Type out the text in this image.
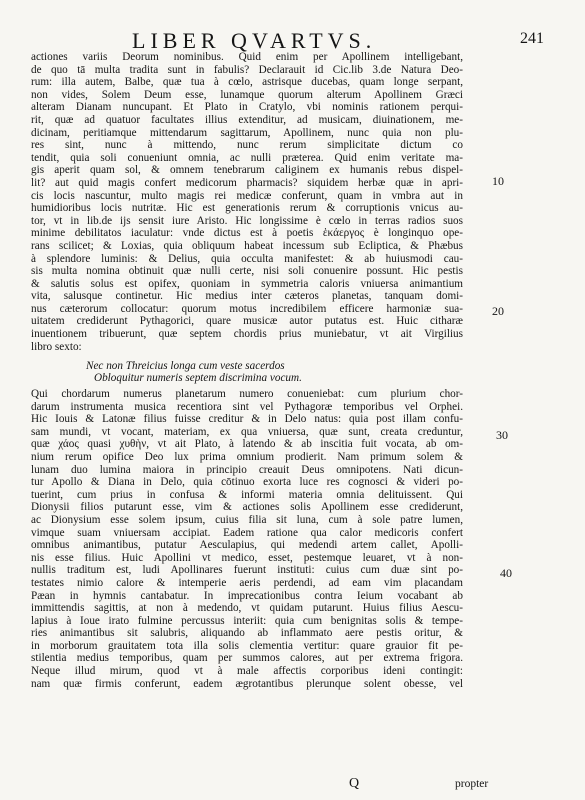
LIBER QVARTVS.	241
actiones variis Deorum nominibus. Quid enim per Apollinem intelligebant,
de quo tā multa tradita sunt in fabulis? Declarauit id Cic.lib 3.de Natura Deo-
rum: illa autem, Balbe, quæ tua à cœlo, astrisque ducebas, quam longe serpant,
non vides, Solem Deum esse, lunamque quorum alterum Apollinem Græci
alteram Dianam nuncupant. Et Plato in Cratylo, vbi nominis rationem perqui-
rit, quæ ad quatuor facultates illius extenditur, ad musicam, diuinationem, me-
dicinam, peritiamque mittendarum sagittarum, Apollinem, nunc quia non plu-
res sint, nunc à mittendo, nunc rerum simplicitate dictum co
tendit, quia soli conueniunt omnia, ac nulli præterea. Quid enim veritate ma-
gis aperit quam sol, & omnem tenebrarum caliginem ex humanis rebus dispel-
lit? aut quid magis confert medicorum pharmacis? siquidem herbæ quæ in apri-
cis locis nascuntur, multo magis rei medicæ conferunt, quam in vmbra aut in
humidioribus locis nutritæ. Hic est generationis rerum & corruptionis vnicus au-
tor, vt in lib.de ijs sensit iure Aristo. Hic longissime è cœlo in terras radios suos
minime debilitatos iaculatur: vnde dictus est à poetis ἑκάεργος è longinquo ope-
rans scilicet; & Loxias, quia obliquum habeat incessum sub Ecliptica, & Phæbus
à splendore luminis: & Delius, quia occulta manifestet: & ab huiusmodi cau-
sis multa nomina obtinuit quæ nulli certe, nisi soli conuenire possunt. Hic pestis
& salutis solus est opifex, quoniam in symmetria caloris vniuersa animantium
vita, salusque continetur. Hic medius inter cæteros planetas, tanquam domi-
nus cæterorum collocatur: quorum motus incredibilem efficere harmoniæ sua-
uitatem crediderunt Pythagorici, quare musicæ autor putatus est. Huic citharæ
inuentionem tribuerunt, quæ septem chordis prius muniebatur, vt ait Virgilius
libro sexto:
Nec non Threicius longa cum veste sacerdos
Obloquitur numeris septem discrimina vocum.
Qui chordarum numerus planetarum numero conueniebat: cum plurium chor-
darum instrumenta musica recentiora sint vel Pythagoræ temporibus vel Orphei.
Hic Iouis & Latonæ filius fuisse creditur & in Delo natus: quia post illam confu-
sam mundi, vt vocant, materiam, ex qua vniuersa, quæ sunt, creata creduntur,
quæ χάος quasi χυθὴν, vt ait Plato, à latendo & ab inscitia fuit vocata, ab om-
nium rerum opifice Deo lux prima omnium prodierit. Nam primum solem &
lunam duo lumina maiora in principio creauit Deus omnipotens. Nati dicun-
tur Apollo & Diana in Delo, quia cōtinuo exorta luce res cognosci & videri po-
tuerint, cum prius in confusa & informi materia omnia delituissent. Qui
Dionysii filios putarunt esse, vim & actiones solis Apollinem esse crediderunt,
ac Dionysium esse solem ipsum, cuius filia sit luna, cum à sole patre lumen,
vimque suam vniuersam accipiat. Eadem ratione qua calor medicoris confert
omnibus animantibus, putatur Aesculapius, qui medendi artem callet, Apolli-
nis esse filius. Huic Apollini vt medico, esset, pestemque leuaret, vt à non-
nullis traditum est, ludi Apollinares fuerunt instituti: cuius cum duæ sint po-
testates nimio calore & intemperie aeris perdendi, ad eam vim placandam
Pæan in hymnis cantabatur. In imprecationibus contra Ieium vocabant ab
immittendis sagittis, at non à medendo, vt quidam putarunt. Huius filius Aescu-
lapius à Ioue irato fulmine percussus interiit: quia cum benignitas solis & tempe-
ries animantibus sit salubris, aliquando ab inflammato aere pestis oritur, &
in morborum grauitatem tota illa solis clementia vertitur: quare grauior fit pe-
stilentia medius temporibus, quam per summos calores, aut per extrema frigora.
Neque illud mirum, quod vt à male affectis corporibus ideni contingit:
nam quæ firmis conferunt, eadem ægrotantibus plerunque solent obesse, vel
10
20
30
40
Q	propter
